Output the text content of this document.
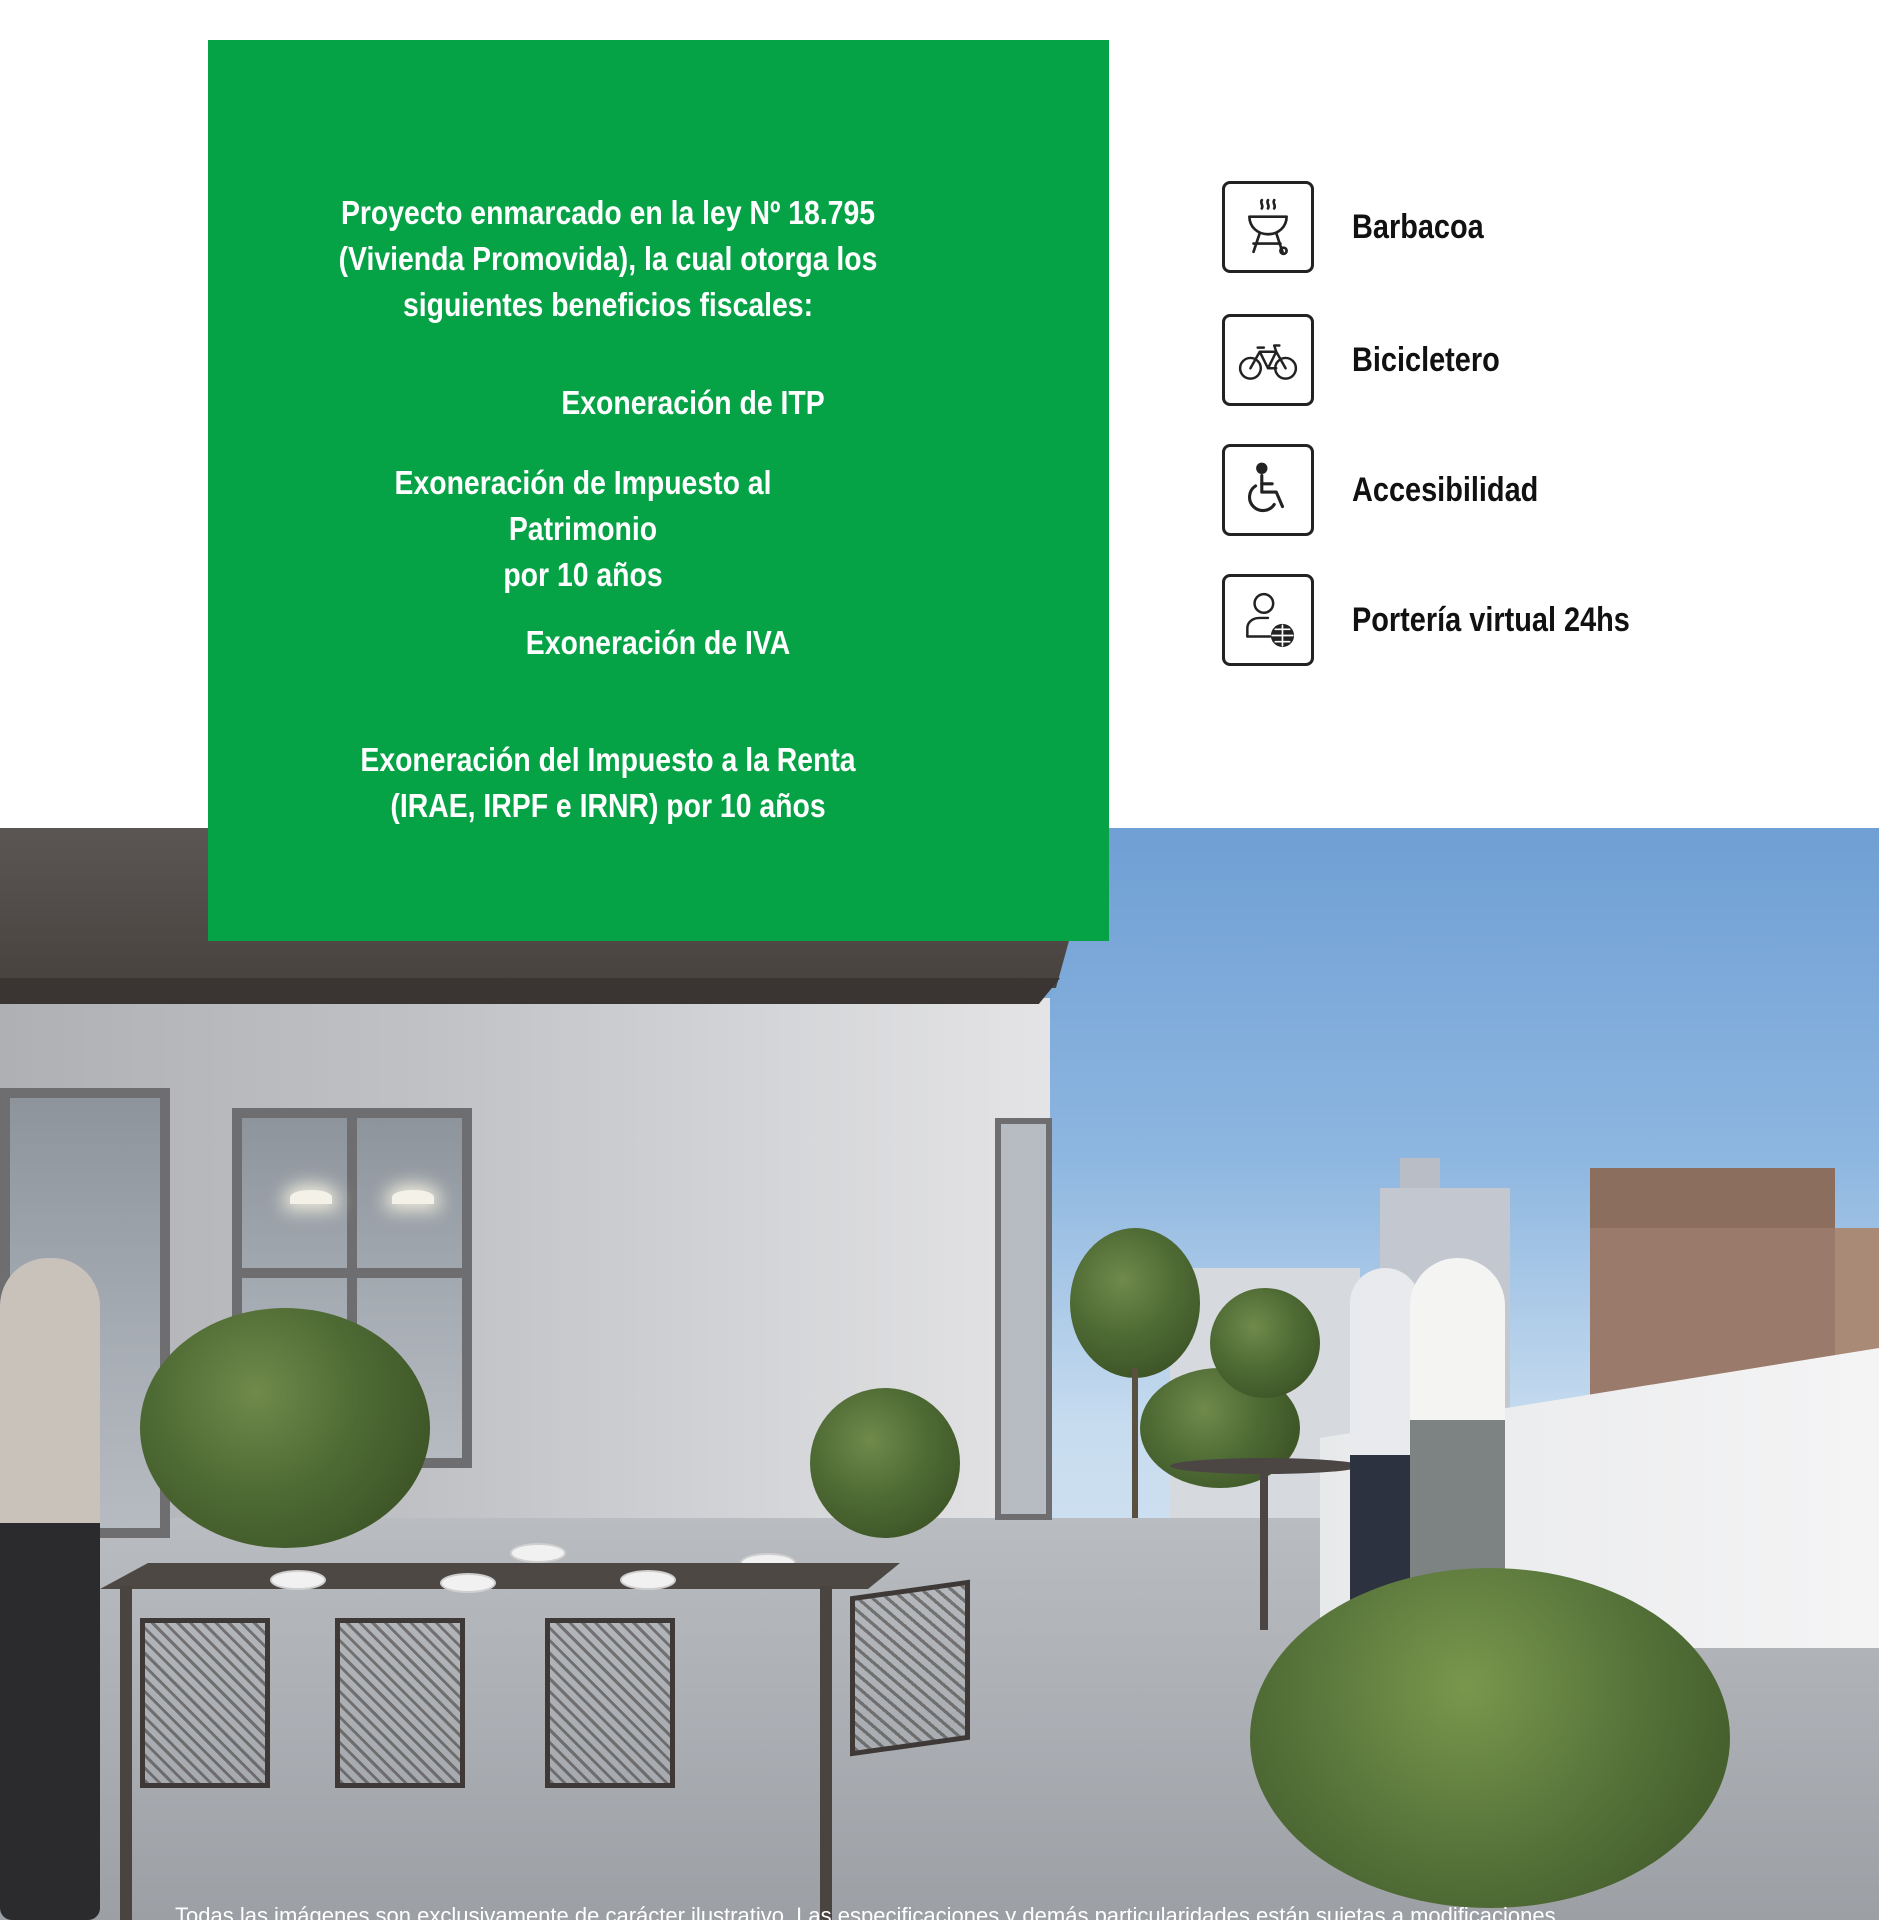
Todas las imágenes son exclusivamente de carácter ilustrativo. Las especificaciones y demás particularidades están sujetas a modificaciones.

Proyecto enmarcado en la ley Nº 18.795
(Vivienda Promovida), la cual otorga los
siguientes beneficios fiscales:

Exoneración de ITP

Exoneración de Impuesto al Patrimonio
por 10 años

Exoneración de IVA

Exoneración del Impuesto a la Renta
(IRAE, IRPF e IRNR) por 10 años

Barbacoa
Bicicletero
Accesibilidad
Portería virtual 24hs
